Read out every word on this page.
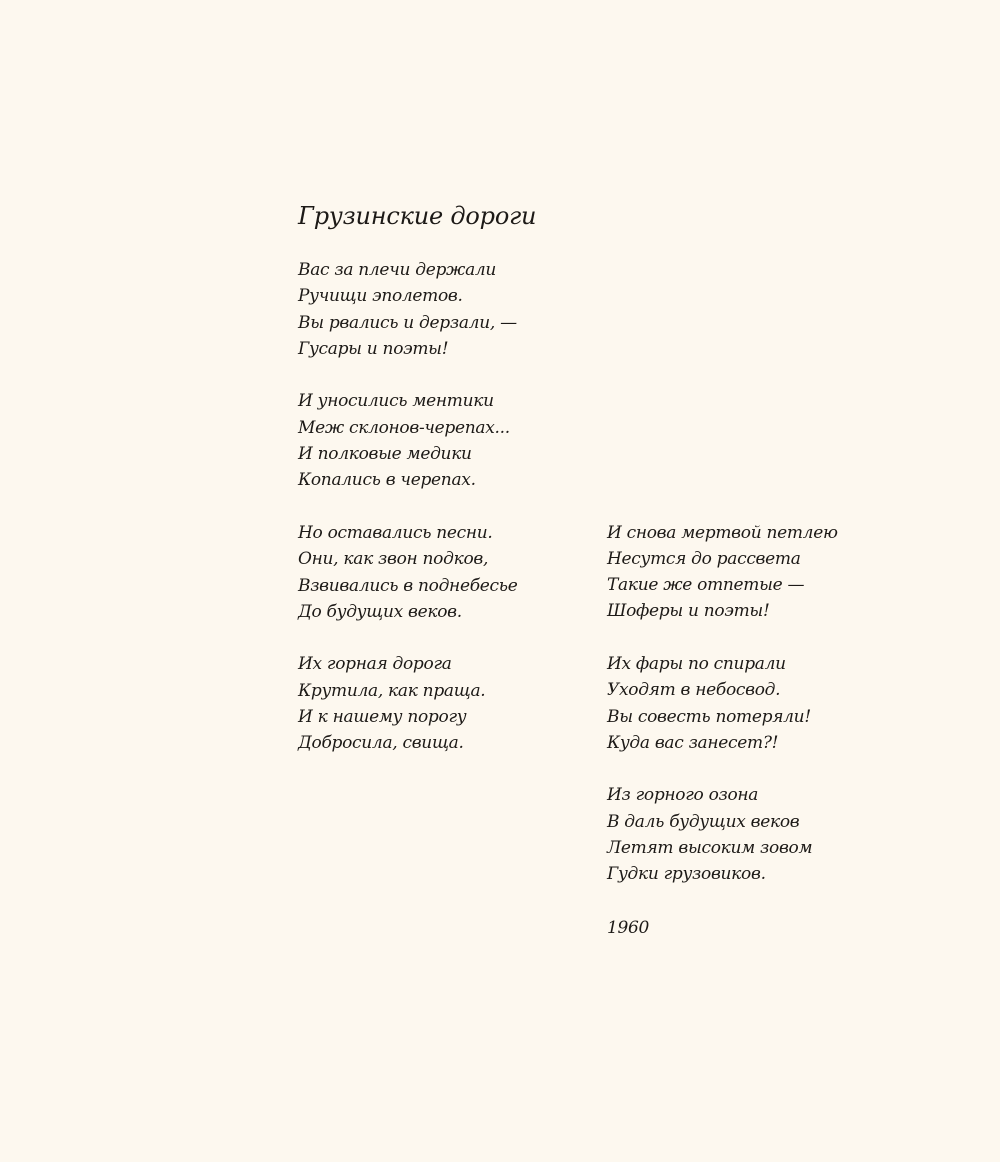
Грузинские дороги

Вас за плечи держали
Ручищи эполетов.
Вы рвались и дерзали, —
Гусары и поэты!

И уносились ментики
Меж склонов-черепах...
И полковые медики
Копались в черепах.

Но оставались песни.
Они, как звон подков,
Взвивались в поднебесье
До будущих веков.

Их горная дорога
Крутила, как праща.
И к нашему порогу
Добросила, свища.

И снова мертвой петлею
Несутся до рассвета
Такие же отпетые —
Шоферы и поэты!

Их фары по спирали
Уходят в небосвод.
Вы совесть потеряли!
Куда вас занесет?!

Из горного озона
В даль будущих веков
Летят высоким зовом
Гудки грузовиков.

1960
